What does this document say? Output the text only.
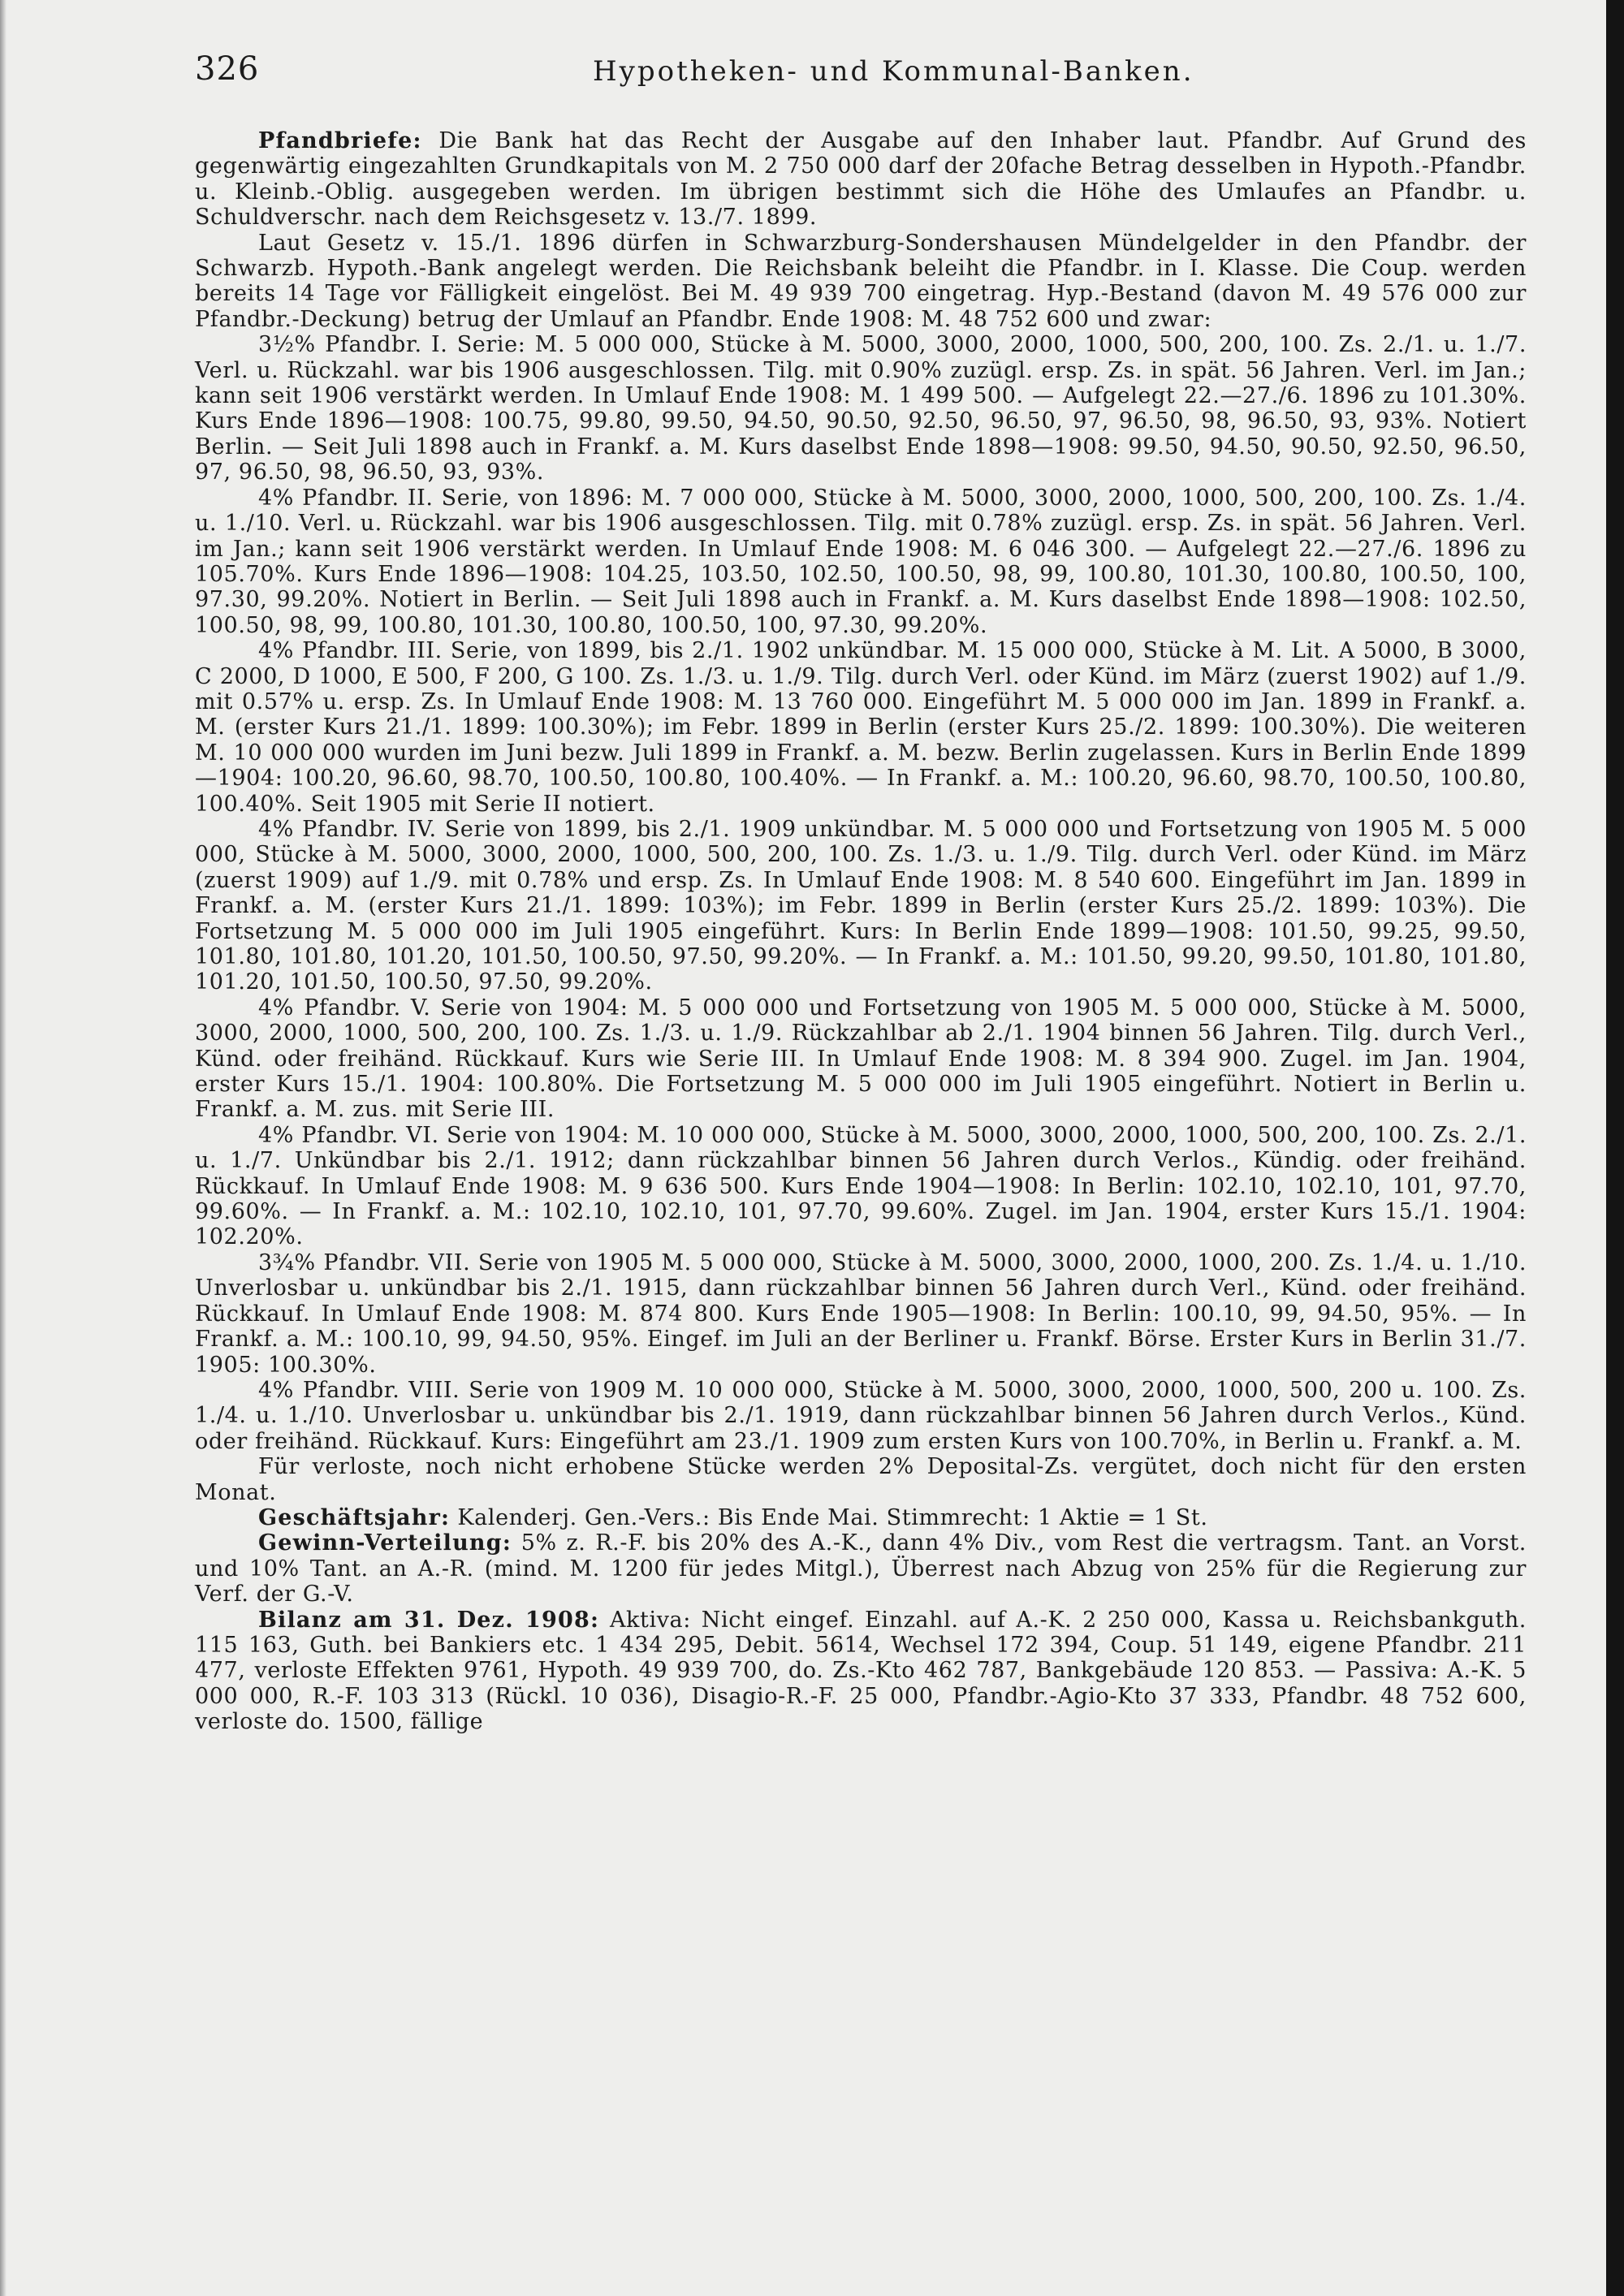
326	Hypotheken- und Kommunal-Banken.

Pfandbriefe: Die Bank hat das Recht der Ausgabe auf den Inhaber laut. Pfandbr. Auf Grund des gegenwärtig eingezahlten Grundkapitals von M. 2 750 000 darf der 20fache Betrag desselben in Hypoth.-Pfandbr. u. Kleinb.-Oblig. ausgegeben werden. Im übrigen bestimmt sich die Höhe des Umlaufes an Pfandbr. u. Schuldverschr. nach dem Reichsgesetz v. 13./7. 1899.

Laut Gesetz v. 15./1. 1896 dürfen in Schwarzburg-Sondershausen Mündelgelder in den Pfandbr. der Schwarzb. Hypoth.-Bank angelegt werden. Die Reichsbank beleiht die Pfandbr. in I. Klasse. Die Coup. werden bereits 14 Tage vor Fälligkeit eingelöst. Bei M. 49 939 700 eingetrag. Hyp.-Bestand (davon M. 49 576 000 zur Pfandbr.-Deckung) betrug der Umlauf an Pfandbr. Ende 1908: M. 48 752 600 und zwar:

3½% Pfandbr. I. Serie: M. 5 000 000, Stücke à M. 5000, 3000, 2000, 1000, 500, 200, 100. Zs. 2./1. u. 1./7. Verl. u. Rückzahl. war bis 1906 ausgeschlossen. Tilg. mit 0.90% zuzügl. ersp. Zs. in spät. 56 Jahren. Verl. im Jan.; kann seit 1906 verstärkt werden. In Umlauf Ende 1908: M. 1 499 500. — Aufgelegt 22.—27./6. 1896 zu 101.30%. Kurs Ende 1896—1908: 100.75, 99.80, 99.50, 94.50, 90.50, 92.50, 96.50, 97, 96.50, 98, 96.50, 93, 93%. Notiert Berlin. — Seit Juli 1898 auch in Frankf. a. M. Kurs daselbst Ende 1898—1908: 99.50, 94.50, 90.50, 92.50, 96.50, 97, 96.50, 98, 96.50, 93, 93%.

4% Pfandbr. II. Serie, von 1896: M. 7 000 000, Stücke à M. 5000, 3000, 2000, 1000, 500, 200, 100. Zs. 1./4. u. 1./10. Verl. u. Rückzahl. war bis 1906 ausgeschlossen. Tilg. mit 0.78% zuzügl. ersp. Zs. in spät. 56 Jahren. Verl. im Jan.; kann seit 1906 verstärkt werden. In Umlauf Ende 1908: M. 6 046 300. — Aufgelegt 22.—27./6. 1896 zu 105.70%. Kurs Ende 1896—1908: 104.25, 103.50, 102.50, 100.50, 98, 99, 100.80, 101.30, 100.80, 100.50, 100, 97.30, 99.20%. Notiert in Berlin. — Seit Juli 1898 auch in Frankf. a. M. Kurs daselbst Ende 1898—1908: 102.50, 100.50, 98, 99, 100.80, 101.30, 100.80, 100.50, 100, 97.30, 99.20%.

4% Pfandbr. III. Serie, von 1899, bis 2./1. 1902 unkündbar. M. 15 000 000, Stücke à M. Lit. A 5000, B 3000, C 2000, D 1000, E 500, F 200, G 100. Zs. 1./3. u. 1./9. Tilg. durch Verl. oder Künd. im März (zuerst 1902) auf 1./9. mit 0.57% u. ersp. Zs. In Umlauf Ende 1908: M. 13 760 000. Eingeführt M. 5 000 000 im Jan. 1899 in Frankf. a. M. (erster Kurs 21./1. 1899: 100.30%); im Febr. 1899 in Berlin (erster Kurs 25./2. 1899: 100.30%). Die weiteren M. 10 000 000 wurden im Juni bezw. Juli 1899 in Frankf. a. M. bezw. Berlin zugelassen. Kurs in Berlin Ende 1899—1904: 100.20, 96.60, 98.70, 100.50, 100.80, 100.40%. — In Frankf. a. M.: 100.20, 96.60, 98.70, 100.50, 100.80, 100.40%. Seit 1905 mit Serie II notiert.

4% Pfandbr. IV. Serie von 1899, bis 2./1. 1909 unkündbar. M. 5 000 000 und Fortsetzung von 1905 M. 5 000 000, Stücke à M. 5000, 3000, 2000, 1000, 500, 200, 100. Zs. 1./3. u. 1./9. Tilg. durch Verl. oder Künd. im März (zuerst 1909) auf 1./9. mit 0.78% und ersp. Zs. In Umlauf Ende 1908: M. 8 540 600. Eingeführt im Jan. 1899 in Frankf. a. M. (erster Kurs 21./1. 1899: 103%); im Febr. 1899 in Berlin (erster Kurs 25./2. 1899: 103%). Die Fortsetzung M. 5 000 000 im Juli 1905 eingeführt. Kurs: In Berlin Ende 1899—1908: 101.50, 99.25, 99.50, 101.80, 101.80, 101.20, 101.50, 100.50, 97.50, 99.20%. — In Frankf. a. M.: 101.50, 99.20, 99.50, 101.80, 101.80, 101.20, 101.50, 100.50, 97.50, 99.20%.

4% Pfandbr. V. Serie von 1904: M. 5 000 000 und Fortsetzung von 1905 M. 5 000 000, Stücke à M. 5000, 3000, 2000, 1000, 500, 200, 100. Zs. 1./3. u. 1./9. Rückzahlbar ab 2./1. 1904 binnen 56 Jahren. Tilg. durch Verl., Künd. oder freihänd. Rückkauf. Kurs wie Serie III. In Umlauf Ende 1908: M. 8 394 900. Zugel. im Jan. 1904, erster Kurs 15./1. 1904: 100.80%. Die Fortsetzung M. 5 000 000 im Juli 1905 eingeführt. Notiert in Berlin u. Frankf. a. M. zus. mit Serie III.

4% Pfandbr. VI. Serie von 1904: M. 10 000 000, Stücke à M. 5000, 3000, 2000, 1000, 500, 200, 100. Zs. 2./1. u. 1./7. Unkündbar bis 2./1. 1912; dann rückzahlbar binnen 56 Jahren durch Verlos., Kündig. oder freihänd. Rückkauf. In Umlauf Ende 1908: M. 9 636 500. Kurs Ende 1904—1908: In Berlin: 102.10, 102.10, 101, 97.70, 99.60%. — In Frankf. a. M.: 102.10, 102.10, 101, 97.70, 99.60%. Zugel. im Jan. 1904, erster Kurs 15./1. 1904: 102.20%.

3¾% Pfandbr. VII. Serie von 1905 M. 5 000 000, Stücke à M. 5000, 3000, 2000, 1000, 200. Zs. 1./4. u. 1./10. Unverlosbar u. unkündbar bis 2./1. 1915, dann rückzahlbar binnen 56 Jahren durch Verl., Künd. oder freihänd. Rückkauf. In Umlauf Ende 1908: M. 874 800. Kurs Ende 1905—1908: In Berlin: 100.10, 99, 94.50, 95%. — In Frankf. a. M.: 100.10, 99, 94.50, 95%. Eingef. im Juli an der Berliner u. Frankf. Börse. Erster Kurs in Berlin 31./7. 1905: 100.30%.

4% Pfandbr. VIII. Serie von 1909 M. 10 000 000, Stücke à M. 5000, 3000, 2000, 1000, 500, 200 u. 100. Zs. 1./4. u. 1./10. Unverlosbar u. unkündbar bis 2./1. 1919, dann rückzahlbar binnen 56 Jahren durch Verlos., Künd. oder freihänd. Rückkauf. Kurs: Eingeführt am 23./1. 1909 zum ersten Kurs von 100.70%, in Berlin u. Frankf. a. M.

Für verloste, noch nicht erhobene Stücke werden 2% Deposital-Zs. vergütet, doch nicht für den ersten Monat.

Geschäftsjahr: Kalenderj. Gen.-Vers.: Bis Ende Mai. Stimmrecht: 1 Aktie = 1 St.

Gewinn-Verteilung: 5% z. R.-F. bis 20% des A.-K., dann 4% Div., vom Rest die vertragsm. Tant. an Vorst. und 10% Tant. an A.-R. (mind. M. 1200 für jedes Mitgl.), Überrest nach Abzug von 25% für die Regierung zur Verf. der G.-V.

Bilanz am 31. Dez. 1908: Aktiva: Nicht eingef. Einzahl. auf A.-K. 2 250 000, Kassa u. Reichsbankguth. 115 163, Guth. bei Bankiers etc. 1 434 295, Debit. 5614, Wechsel 172 394, Coup. 51 149, eigene Pfandbr. 211 477, verloste Effekten 9761, Hypoth. 49 939 700, do. Zs.-Kto 462 787, Bankgebäude 120 853. — Passiva: A.-K. 5 000 000, R.-F. 103 313 (Rückl. 10 036), Disagio-R.-F. 25 000, Pfandbr.-Agio-Kto 37 333, Pfandbr. 48 752 600, verloste do. 1500, fällige
